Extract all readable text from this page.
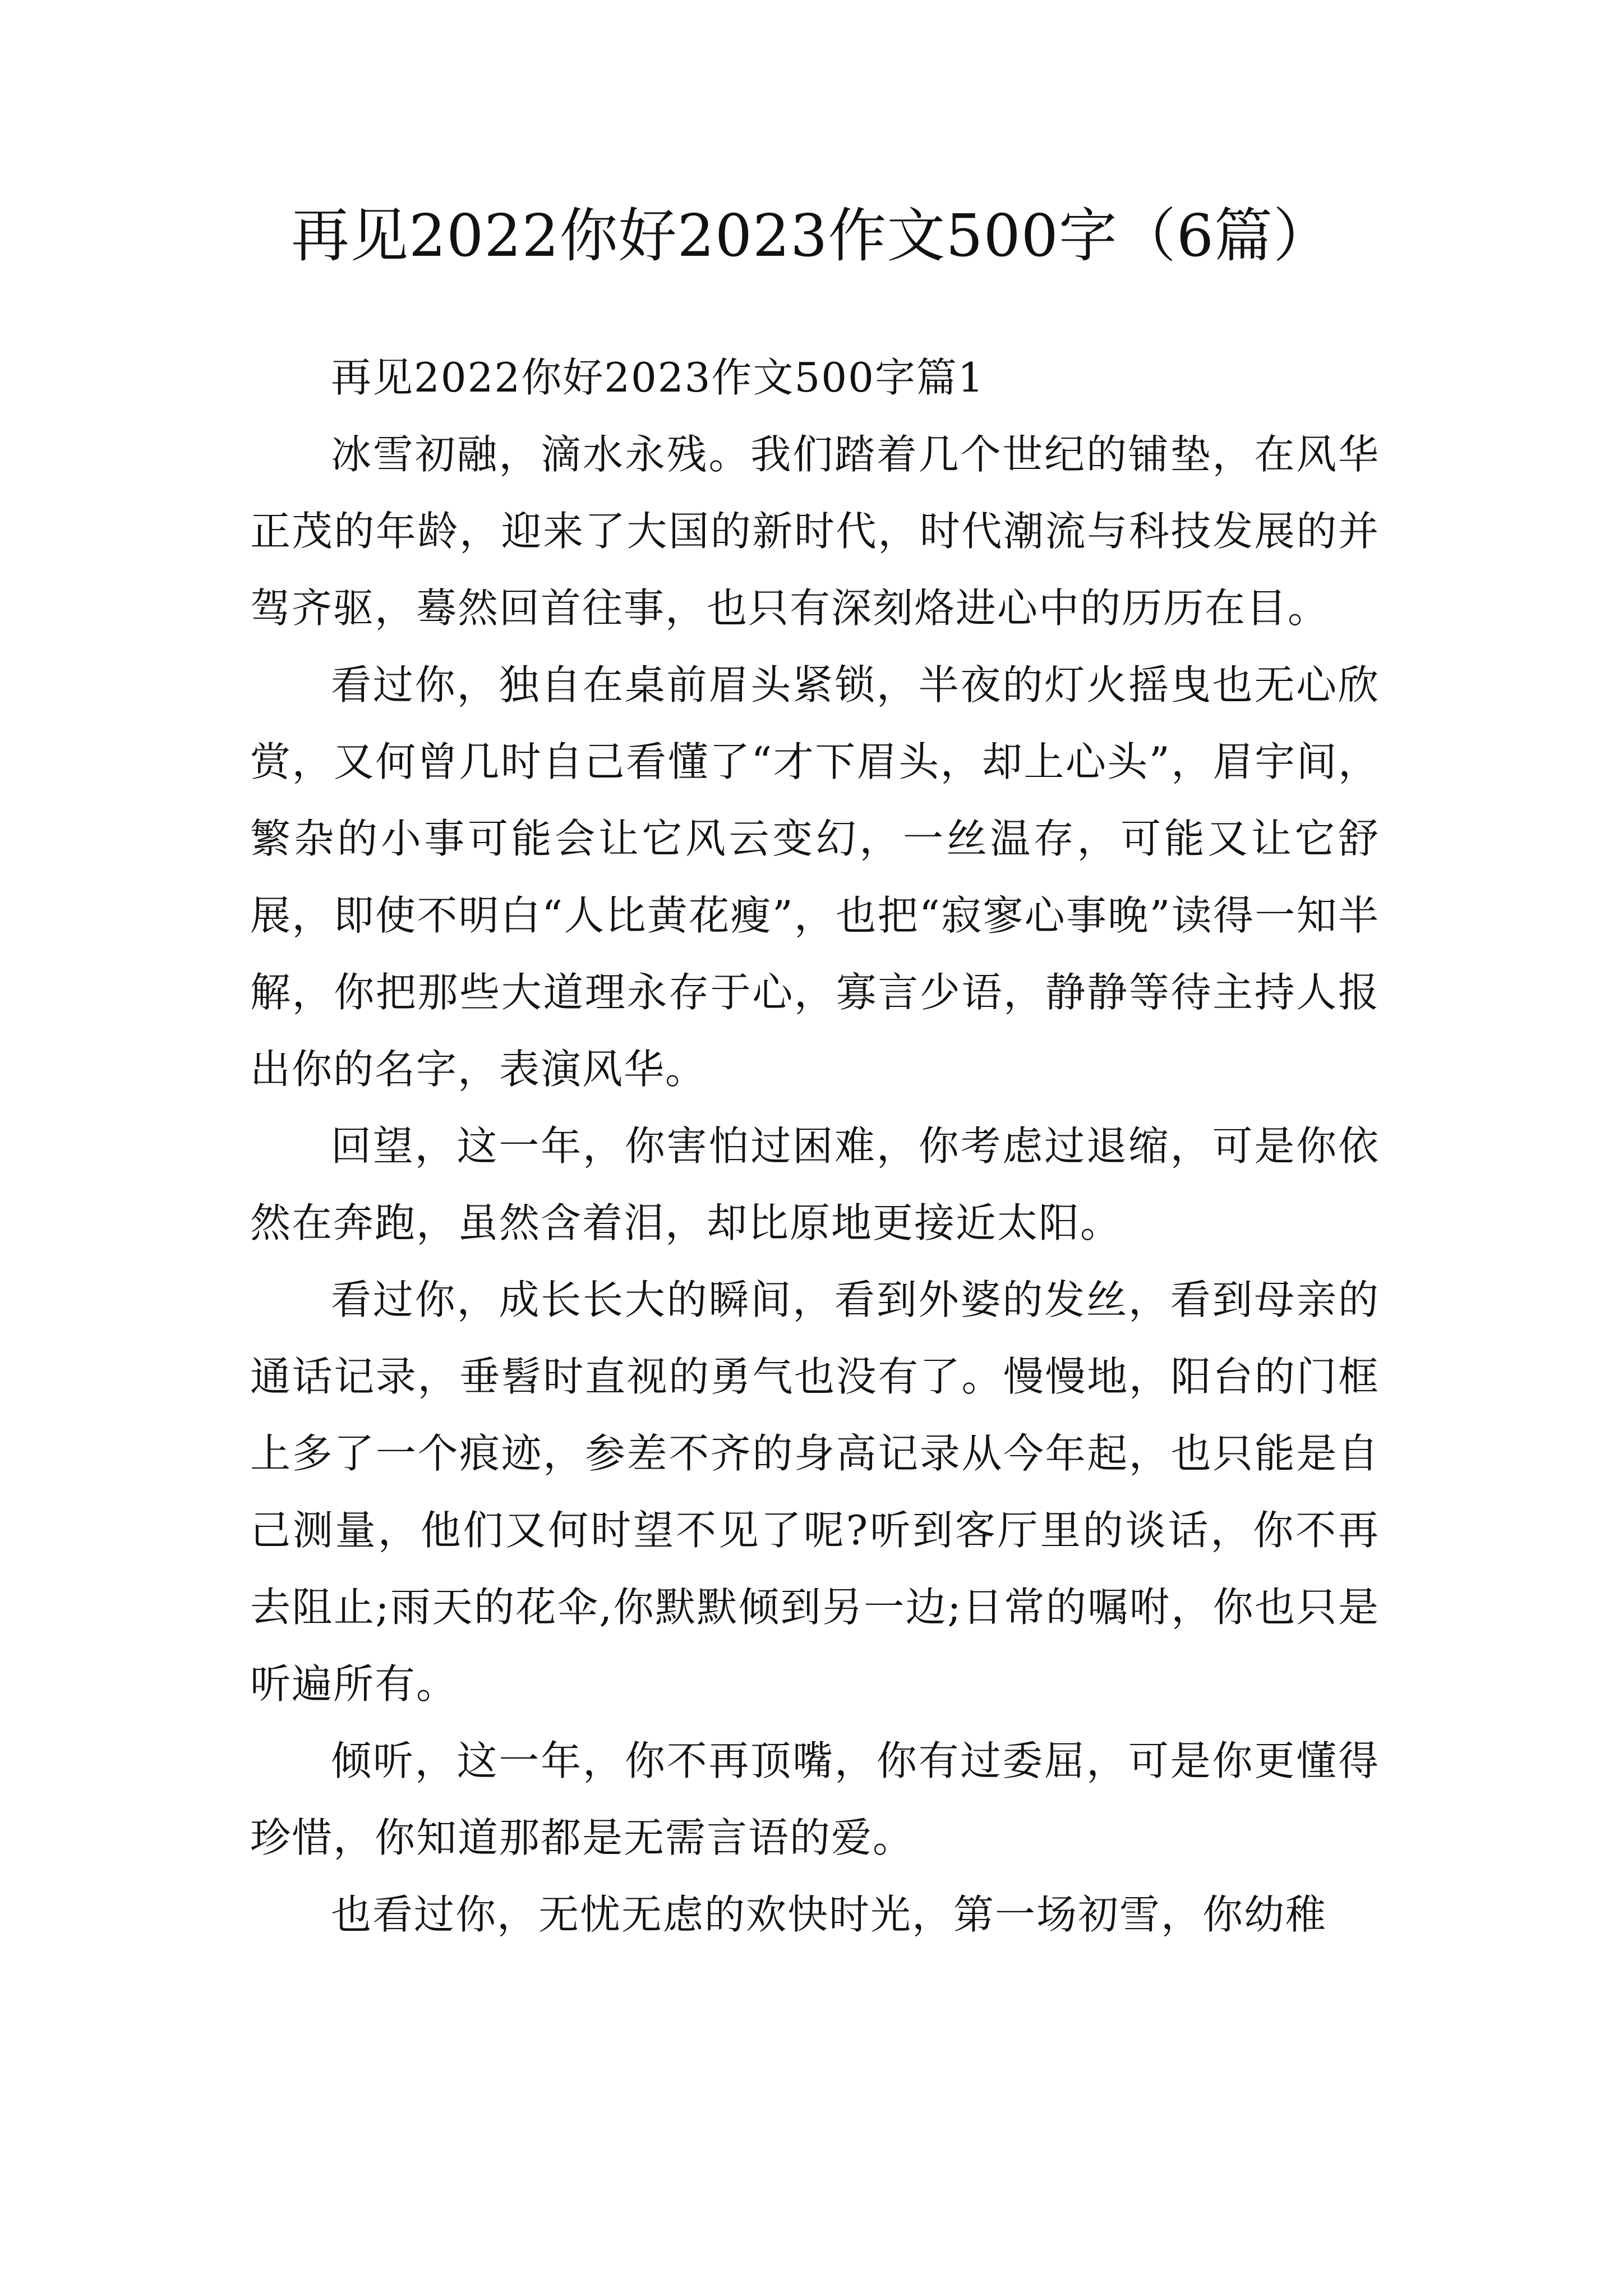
再见2022你好2023作文500字（6篇）

再见2022你好2023作文500字篇1

冰雪初融，滴水永残。我们踏着几个世纪的铺垫，在风华正茂的年龄，迎来了大国的新时代，时代潮流与科技发展的并驾齐驱，蓦然回首往事，也只有深刻烙进心中的历历在目。

看过你，独自在桌前眉头紧锁，半夜的灯火摇曳也无心欣赏，又何曾几时自己看懂了“才下眉头，却上心头”，眉宇间，繁杂的小事可能会让它风云变幻，一丝温存，可能又让它舒展，即使不明白“人比黄花瘦”，也把“寂寥心事晚”读得一知半解，你把那些大道理永存于心，寡言少语，静静等待主持人报出你的名字，表演风华。

回望，这一年，你害怕过困难，你考虑过退缩，可是你依然在奔跑，虽然含着泪，却比原地更接近太阳。

看过你，成长长大的瞬间，看到外婆的发丝，看到母亲的通话记录，垂髫时直视的勇气也没有了。慢慢地，阳台的门框上多了一个痕迹，参差不齐的身高记录从今年起，也只能是自己测量，他们又何时望不见了呢?听到客厅里的谈话，你不再去阻止;雨天的花伞,你默默倾到另一边;日常的嘱咐，你也只是听遍所有。

倾听，这一年，你不再顶嘴，你有过委屈，可是你更懂得珍惜，你知道那都是无需言语的爱。

也看过你，无忧无虑的欢快时光，第一场初雪，你幼稚
